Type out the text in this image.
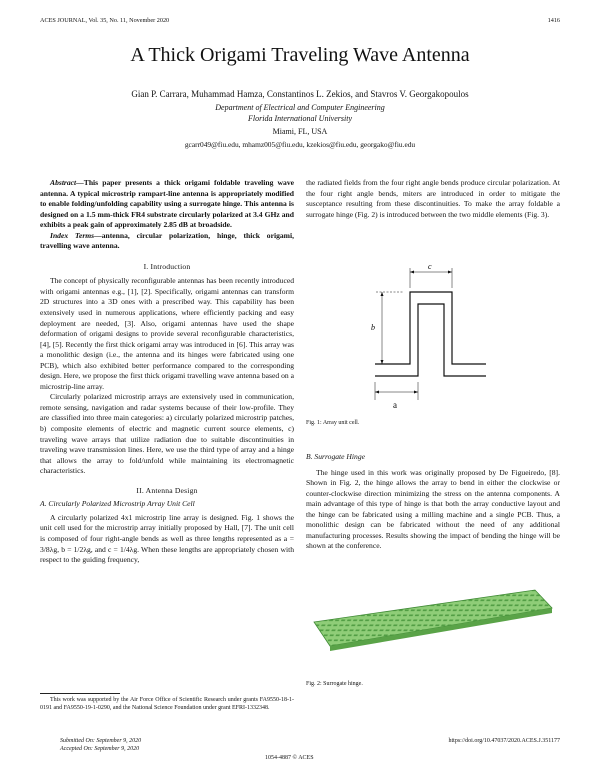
ACES JOURNAL, Vol. 35, No. 11, November 2020	1416
A Thick Origami Traveling Wave Antenna
Gian P. Carrara, Muhammad Hamza, Constantinos L. Zekios, and Stavros V. Georgakopoulos
Department of Electrical and Computer Engineering
Florida International University
Miami, FL, USA
gcarr049@fiu.edu, mhamz005@fiu.edu, kzekios@fiu.edu, georgako@fiu.edu

Abstract—This paper presents a thick origami foldable traveling wave antenna. A typical microstrip rampart-line antenna is appropriately modified to enable folding/unfolding capability using a surrogate hinge. This antenna is designed on a 1.5 mm-thick FR4 substrate circularly polarized at 3.4 GHz and exhibits a peak gain of approximately 2.85 dB at broadside.

Index Terms—antenna, circular polarization, hinge, thick origami, travelling wave antenna.

I. Introduction

The concept of physically reconfigurable antennas has been recently introduced with origami antennas e.g., [1], [2]. Specifically, origami antennas can transform 2D structures into a 3D ones with a prescribed way. This capability has been extensively used in numerous applications, where efficiently packing and easy deployment are needed, [3]. Also, origami antennas have used the shape deformation of origami designs to provide several reconfigurable characteristics, [4], [5]. Recently the first thick origami array was introduced in [6]. This array was a monolithic design (i.e., the antenna and its hinges were fabricated using one PCB), which also exhibited better performance compared to the corresponding design. Here, we propose the first thick origami travelling wave antenna based on a microstrip-line array.

Circularly polarized microstrip arrays are extensively used in communication, remote sensing, navigation and radar systems because of their low-profile. They are classified into three main categories: a) circularly polarized microstrip patches, b) composite elements of electric and magnetic current source elements, c) traveling wave arrays that utilize radiation due to suitable discontinuities in traveling wave transmission lines. Here, we use the third type of array and a hinge that allows the array to fold/unfold while maintaining its electromagnetic characteristics.

II. Antenna Design
A. Circularly Polarized Microstrip Array Unit Cell

A circularly polarized 4x1 microstrip line array is designed. Fig. 1 shows the unit cell used for the microstrip array initially proposed by Hall, [7]. The unit cell is composed of four right-angle bends as well as three lengths represented as a = 3/8λg, b = 1/2λg, and c = 1/4λg. When these lengths are appropriately chosen with respect to the guiding frequency,

This work was supported by the Air Force Office of Scientific Research under grants FA9550-18-1-0191 and FA9550-19-1-0290, and the National Science Foundation under grant EFRI-1332348.
Submitted On: September 9, 2020
Accepted On: September 9, 2020

the radiated fields from the four right angle bends produce circular polarization. At the four right angle bends, miters are introduced in order to mitigate the susceptance resulting from these discontinuities. To make the array foldable a surrogate hinge (Fig. 2) is introduced between the two middle elements (Fig. 3).

c
b
a
Fig. 1: Array unit cell.
B. Surrogate Hinge

The hinge used in this work was originally proposed by De Figueiredo, [8]. Shown in Fig. 2, the hinge allows the array to bend in either the clockwise or counter-clockwise direction minimizing the stress on the antenna components. A main advantage of this type of hinge is that both the array conductive layout and the hinge can be fabricated using a milling machine and a single PCB. Thus, a monolithic design can be fabricated without the need of any additional manufacturing processes. Results showing the impact of bending the hinge will be shown at the conference.

Fig. 2: Surrogate hinge.
1054-4887 © ACES
https://doi.org/10.47037/2020.ACES.J.351177
